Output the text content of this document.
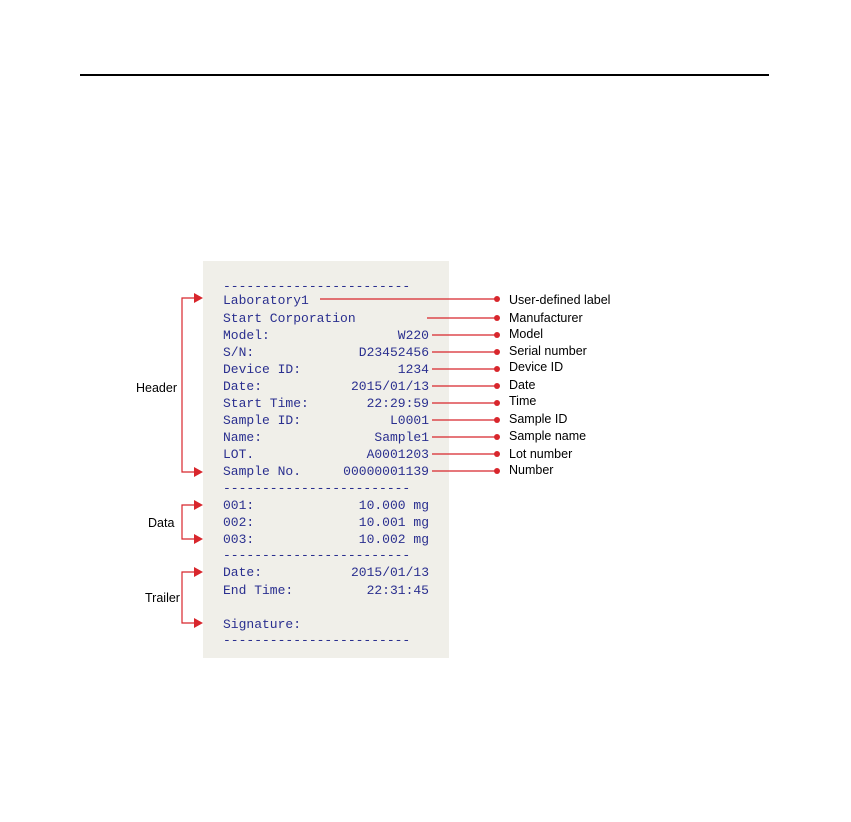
------------------------

Laboratory1

Start Corporation

Model:

	W220

S/N:

	D23452456

Device ID:

	1234

Date:

	2015/01/13

Start Time:

	22:29:59

Sample ID:

	L0001

Name:

	Sample1

LOT.

	A0001203

Sample No.

	00000001139

------------------------

001:

	10.000 mg

002:

	10.001 mg

003:

	10.002 mg

------------------------

Date:

	2015/01/13

End Time:

	22:31:45

Signature:

------------------------
User-defined label
Manufacturer
Model
Serial number
Device ID
Date
Time
Sample ID
Sample name
Lot number
Number
Header
Data
Trailer
